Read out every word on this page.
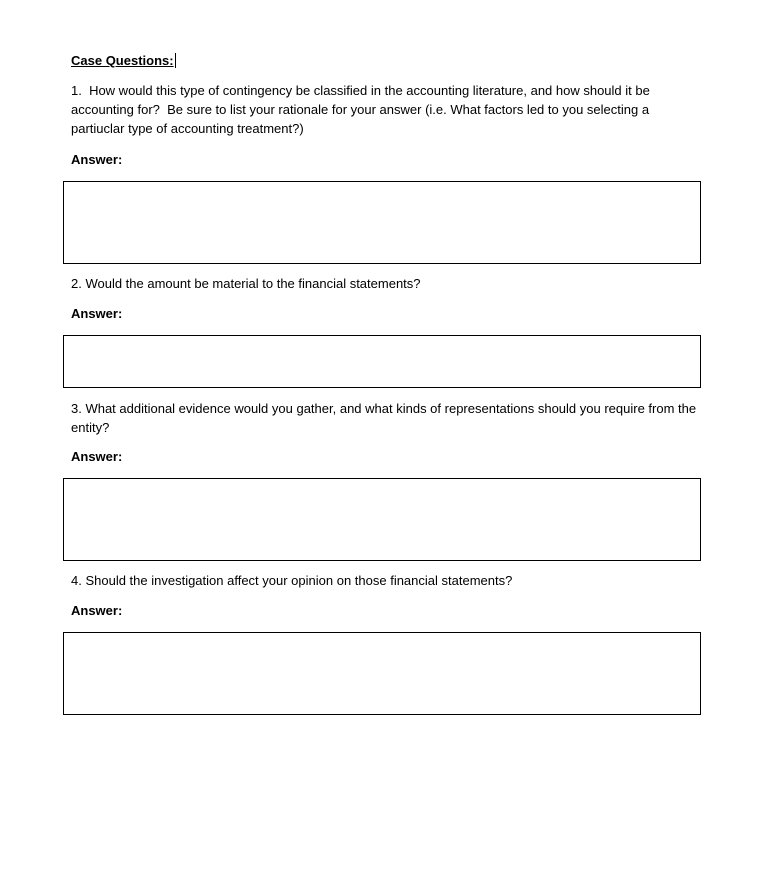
Case Questions:
1.  How would this type of contingency be classified in the accounting literature, and how should it be accounting for?  Be sure to list your rationale for your answer (i.e. What factors led to you selecting a partiuclar type of accounting treatment?)
Answer:
2. Would the amount be material to the financial statements?
Answer:
3. What additional evidence would you gather, and what kinds of representations should you require from the entity?
Answer:
4. Should the investigation affect your opinion on those financial statements?
Answer:
